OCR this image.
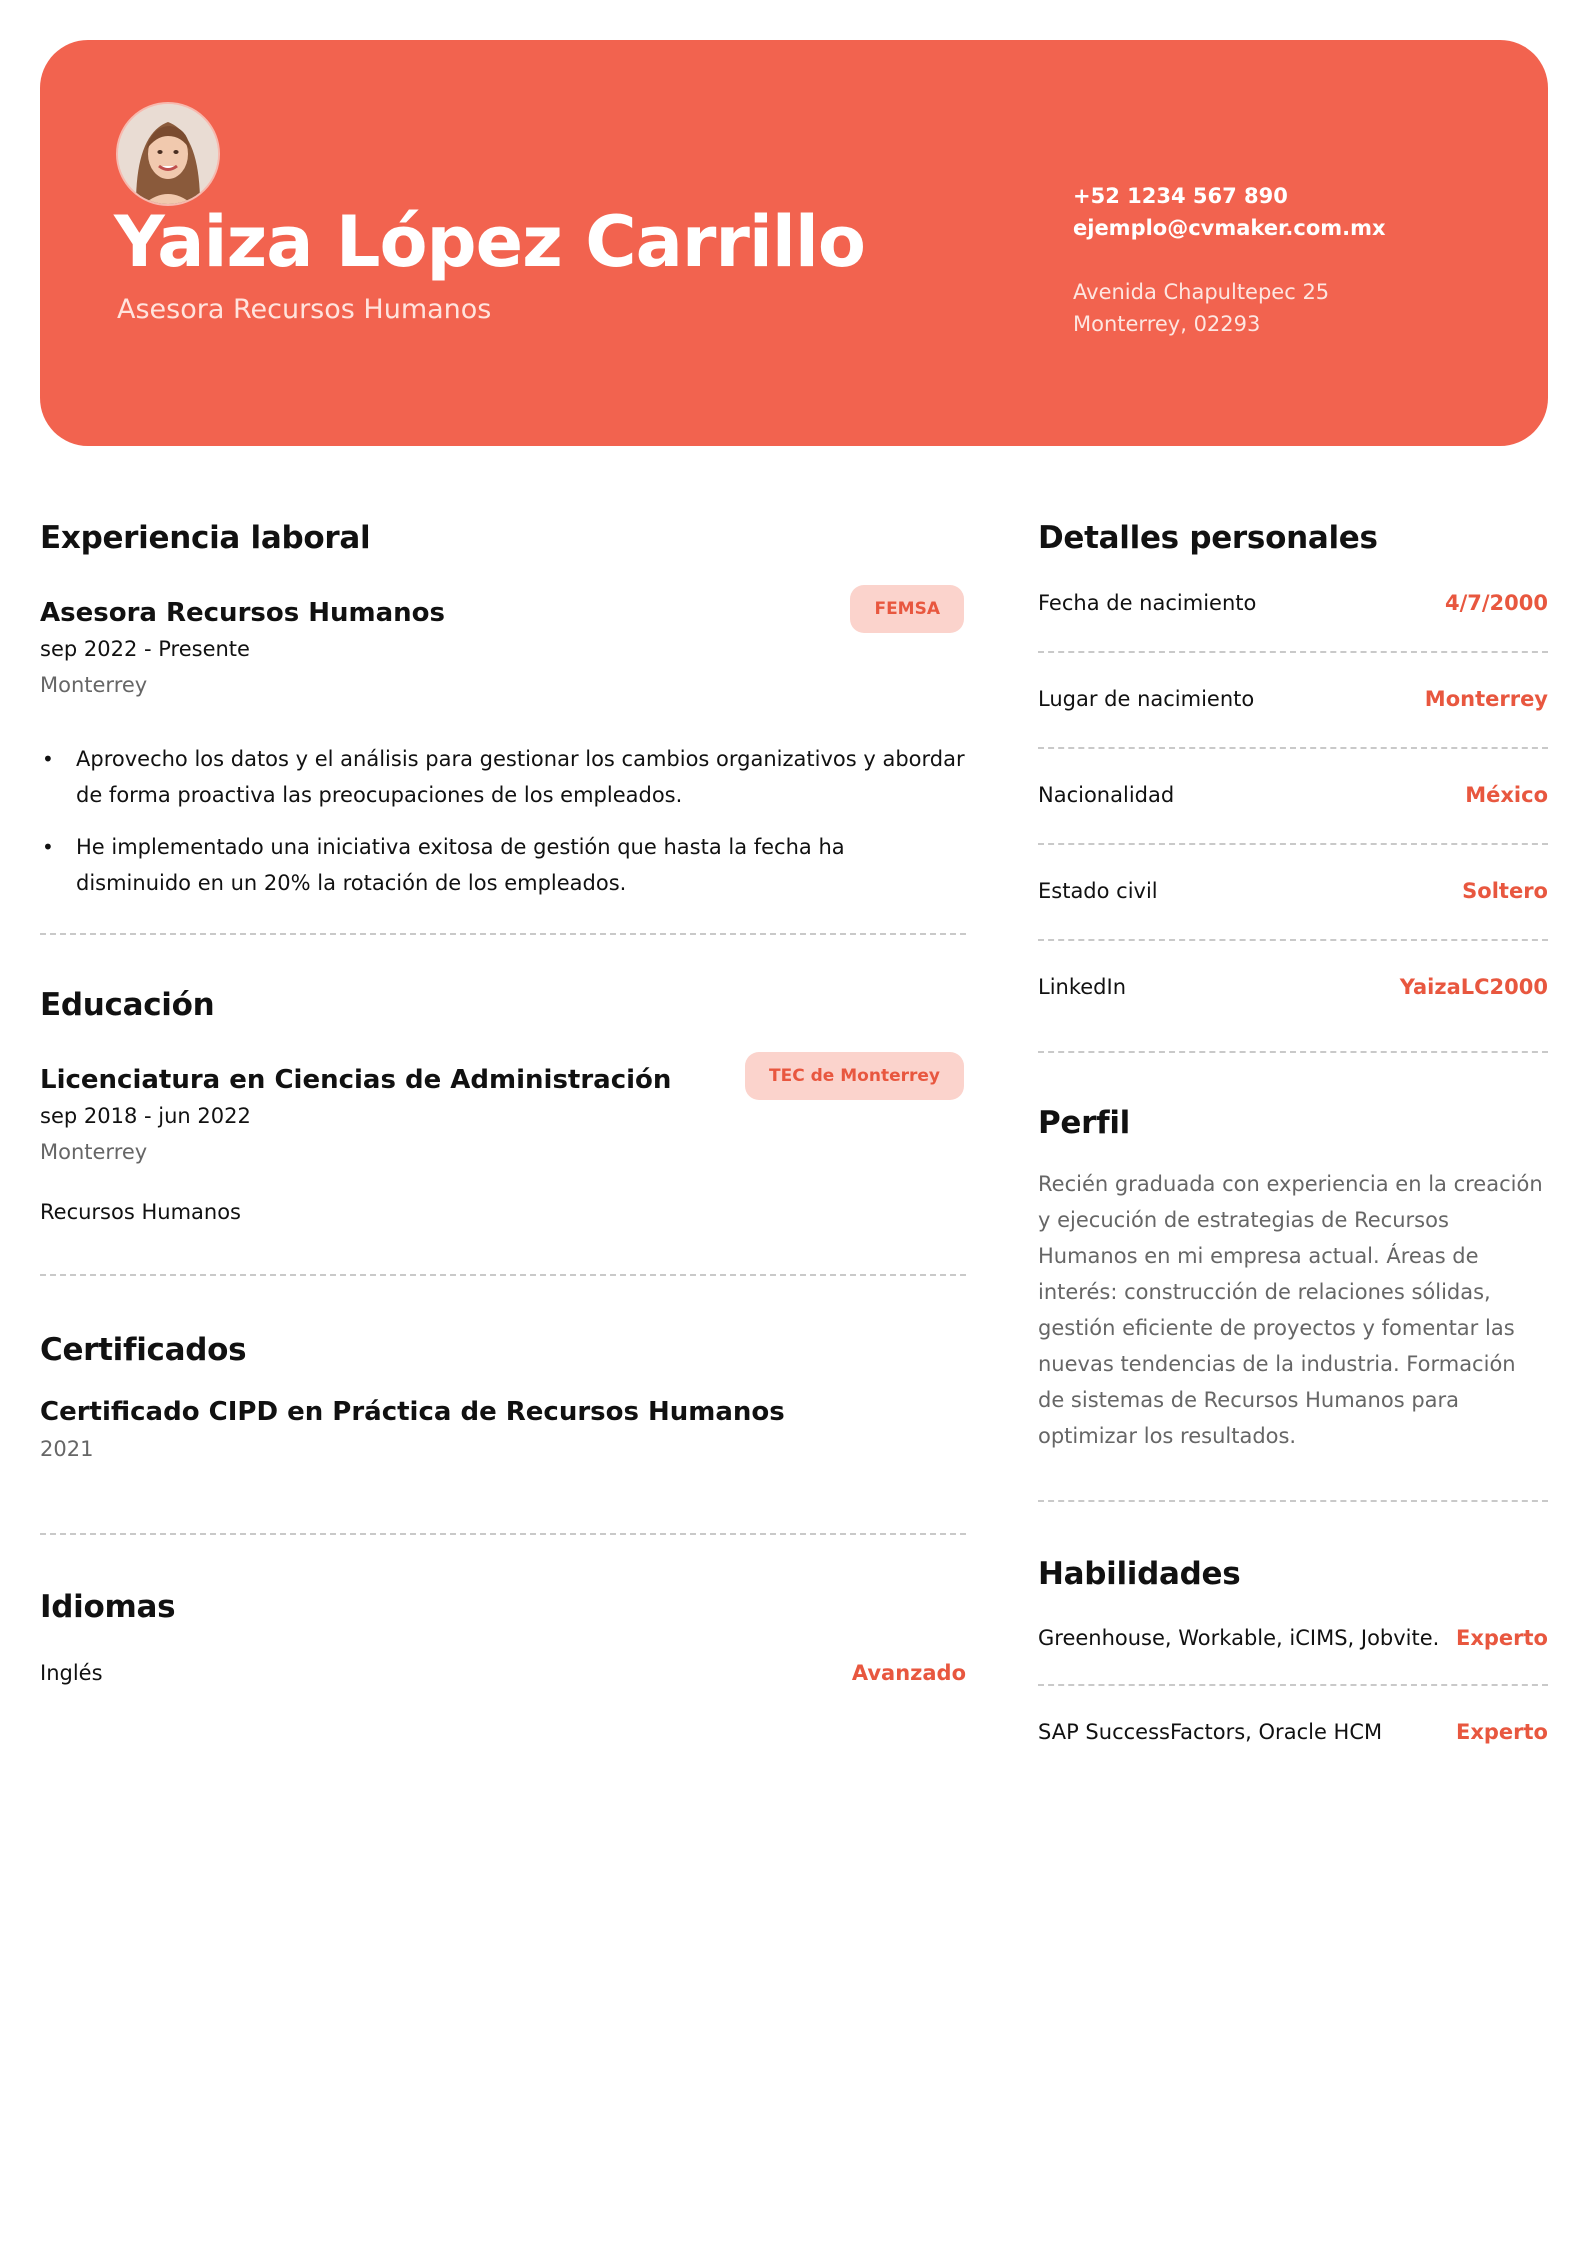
Yaiza López Carrillo
Asesora Recursos Humanos
+52 1234 567 890
ejemplo@cvmaker.com.mx
Avenida Chapultepec 25
Monterrey, 02293
Experiencia laboral
Asesora Recursos Humanos	FEMSA
sep 2022 - Presente
Monterrey
• Aprovecho los datos y el análisis para gestionar los cambios organizativos y abordar de forma proactiva las preocupaciones de los empleados.
• He implementado una iniciativa exitosa de gestión que hasta la fecha ha disminuido en un 20% la rotación de los empleados.
Educación
Licenciatura en Ciencias de Administración	TEC de Monterrey
sep 2018 - jun 2022
Monterrey
Recursos Humanos
Certificados
Certificado CIPD en Práctica de Recursos Humanos
2021
Idiomas
Inglés	Avanzado
Detalles personales
Fecha de nacimiento	4/7/2000
Lugar de nacimiento	Monterrey
Nacionalidad	México
Estado civil	Soltero
LinkedIn	YaizaLC2000
Perfil
Recién graduada con experiencia en la creación y ejecución de estrategias de Recursos Humanos en mi empresa actual. Áreas de interés: construcción de relaciones sólidas, gestión eficiente de proyectos y fomentar las nuevas tendencias de la industria. Formación de sistemas de Recursos Humanos para optimizar los resultados.
Habilidades
Greenhouse, Workable, iCIMS, Jobvite. Experto
SAP SuccessFactors, Oracle HCM	Experto
